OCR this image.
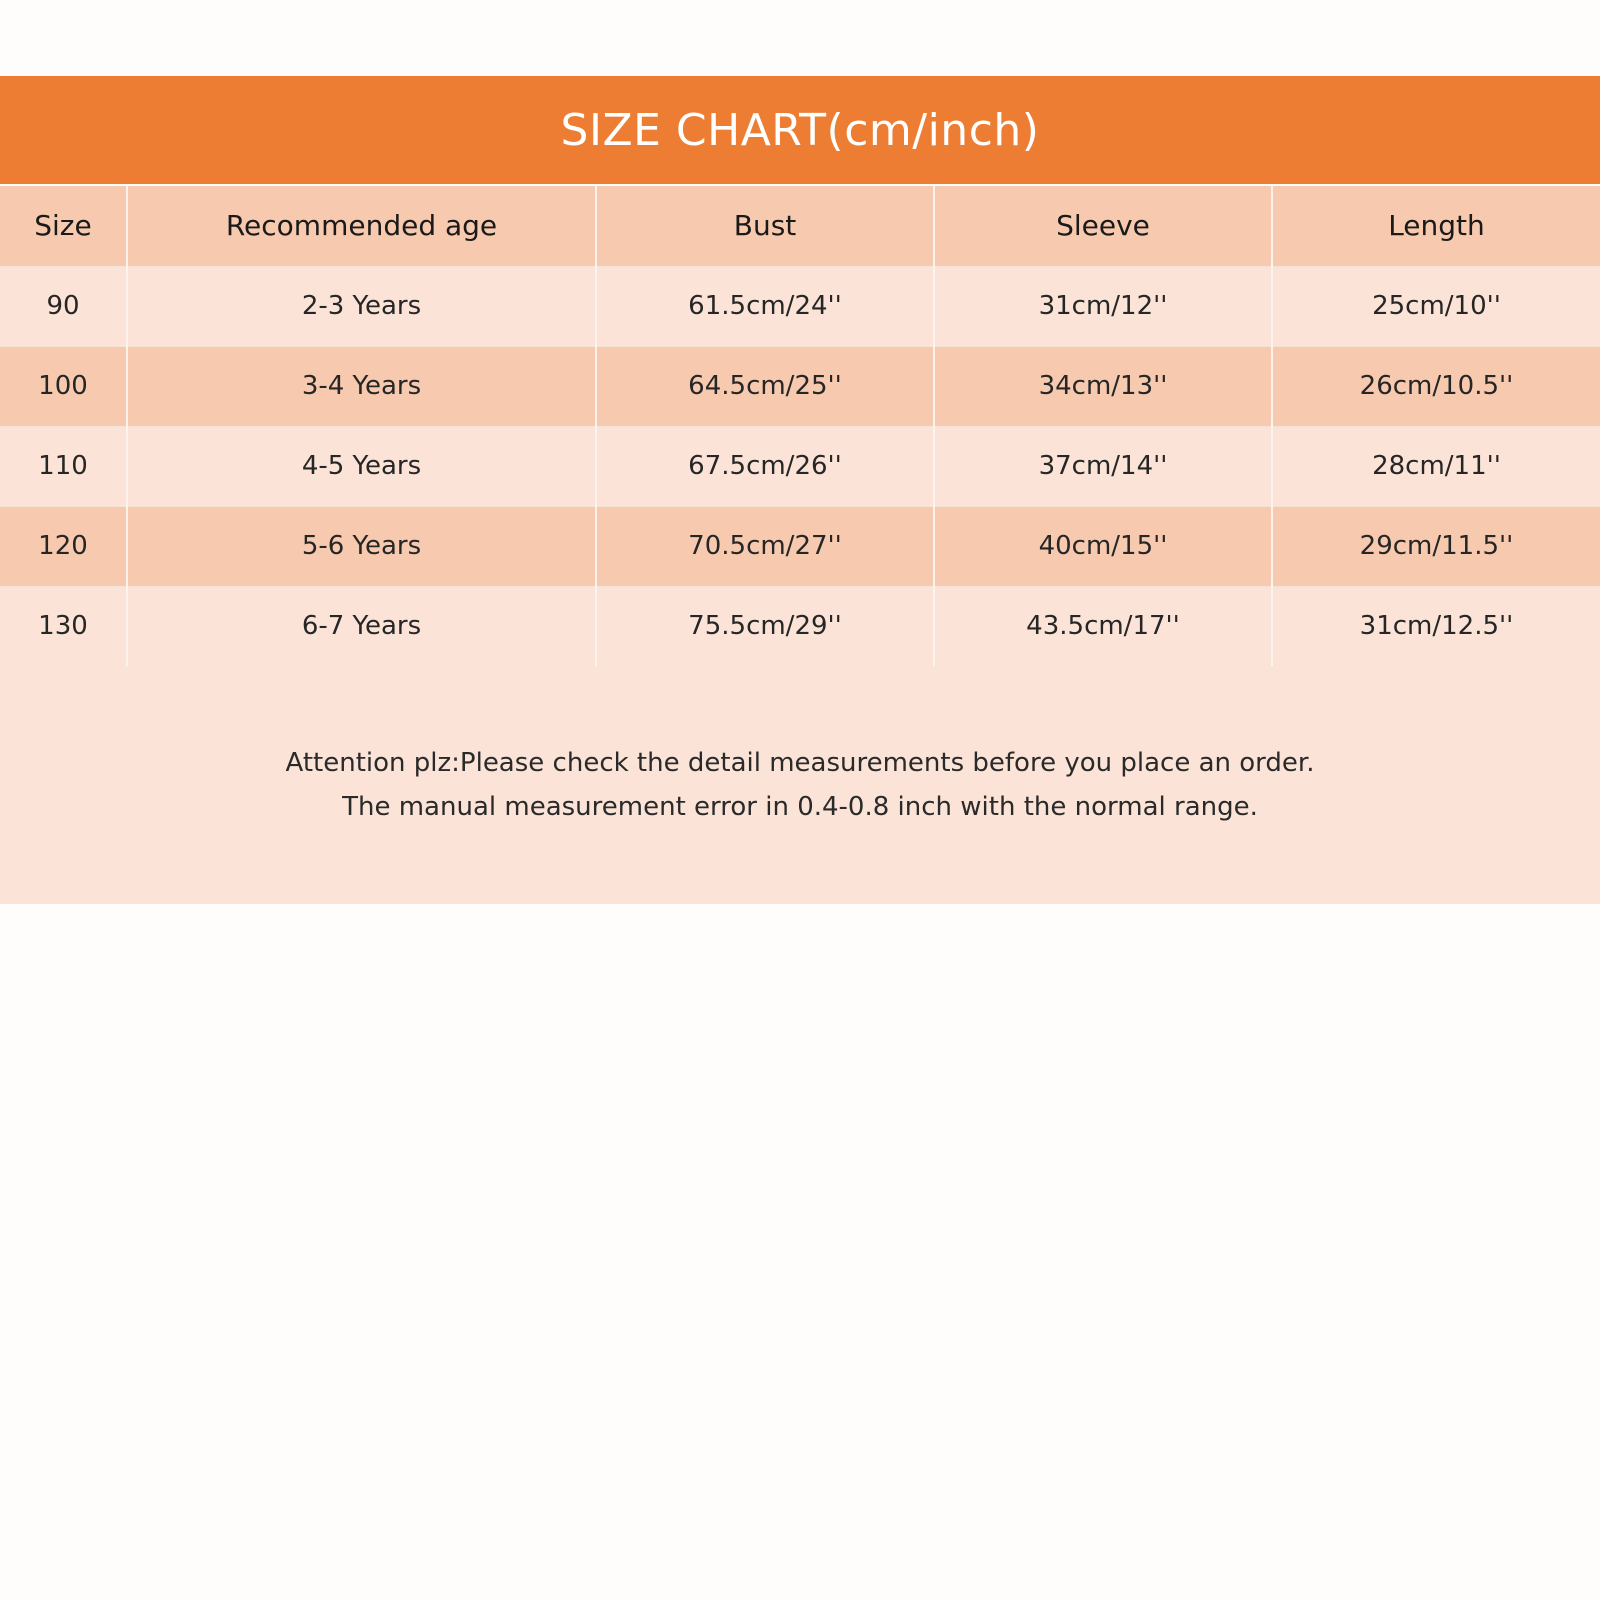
SIZE CHART(cm/inch)
Size	Recommended age	Bust	Sleeve	Length
90	2-3 Years	61.5cm/24''	31cm/12''	25cm/10''
100	3-4 Years	64.5cm/25''	34cm/13''	26cm/10.5''
110	4-5 Years	67.5cm/26''	37cm/14''	28cm/11''
120	5-6 Years	70.5cm/27''	40cm/15''	29cm/11.5''
130	6-7 Years	75.5cm/29''	43.5cm/17''	31cm/12.5''
Attention plz:Please check the detail measurements before you place an order.
The manual measurement error in 0.4-0.8 inch with the normal range.
